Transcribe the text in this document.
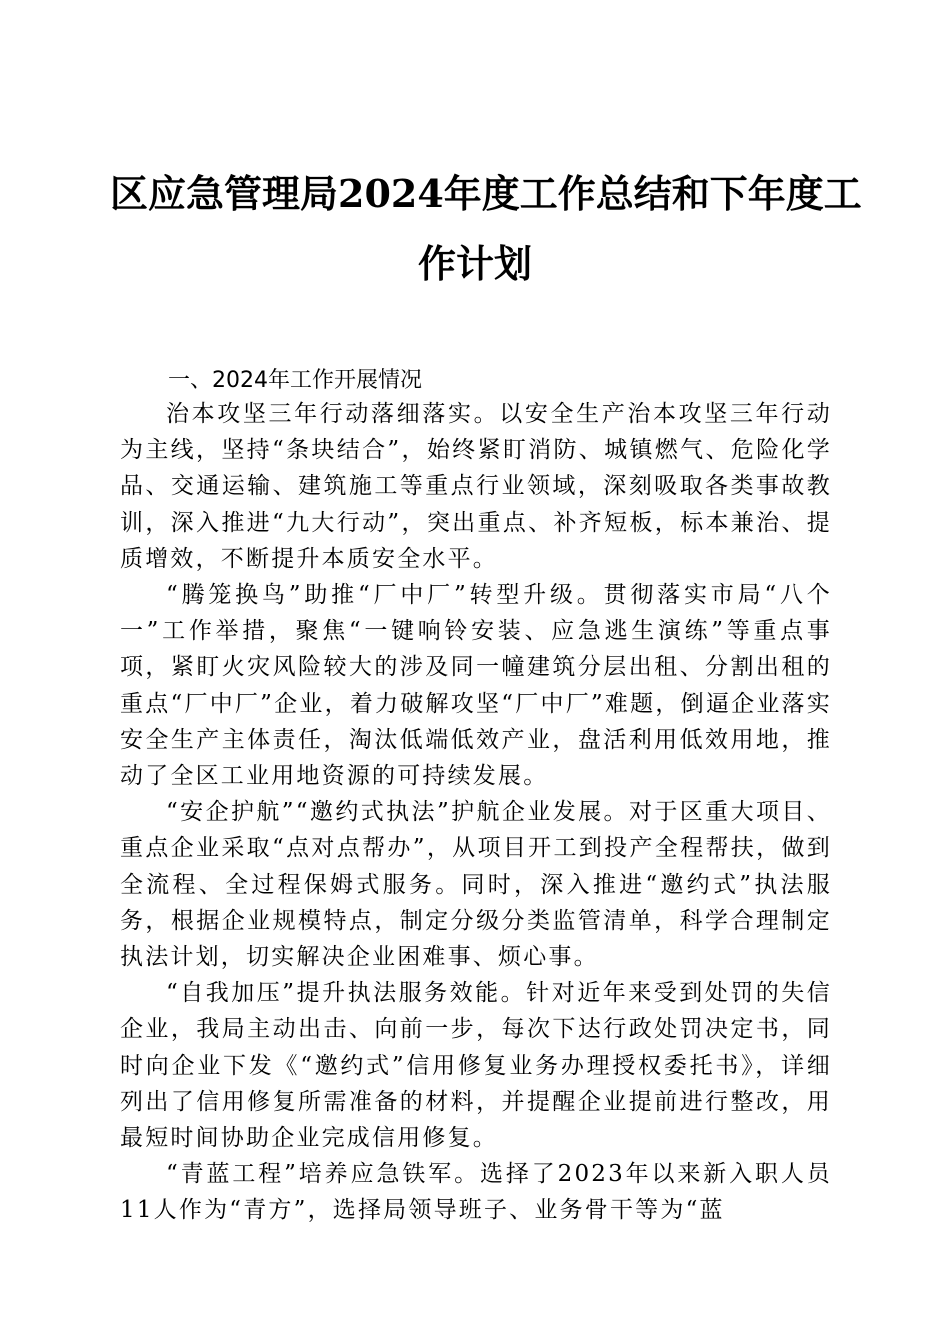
区应急管理局2024年度工作总结和下年度工
作计划
一、2024年工作开展情况

治本攻坚三年行动落细落实。以安全生产治本攻坚三年行动为主线，坚持“条块结合”，始终紧盯消防、城镇燃气、危险化学品、交通运输、建筑施工等重点行业领域，深刻吸取各类事故教训，深入推进“九大行动”，突出重点、补齐短板，标本兼治、提质增效，不断提升本质安全水平。

“腾笼换鸟”助推“厂中厂”转型升级。贯彻落实市局“八个一”工作举措，聚焦“一键响铃安装、应急逃生演练”等重点事项，紧盯火灾风险较大的涉及同一幢建筑分层出租、分割出租的重点“厂中厂”企业，着力破解攻坚“厂中厂”难题，倒逼企业落实安全生产主体责任，淘汰低端低效产业，盘活利用低效用地，推动了全区工业用地资源的可持续发展。

“安企护航”“邀约式执法”护航企业发展。对于区重大项目、重点企业采取“点对点帮办”，从项目开工到投产全程帮扶，做到全流程、全过程保姆式服务。同时，深入推进“邀约式”执法服务，根据企业规模特点，制定分级分类监管清单，科学合理制定执法计划，切实解决企业困难事、烦心事。

“自我加压”提升执法服务效能。针对近年来受到处罚的失信企业，我局主动出击、向前一步，每次下达行政处罚决定书，同时向企业下发《“邀约式”信用修复业务办理授权委托书》，详细列出了信用修复所需准备的材料，并提醒企业提前进行整改，用最短时间协助企业完成信用修复。

“青蓝工程”培养应急铁军。选择了2023年以来新入职人员11人作为“青方”，选择局领导班子、业务骨干等为“蓝
